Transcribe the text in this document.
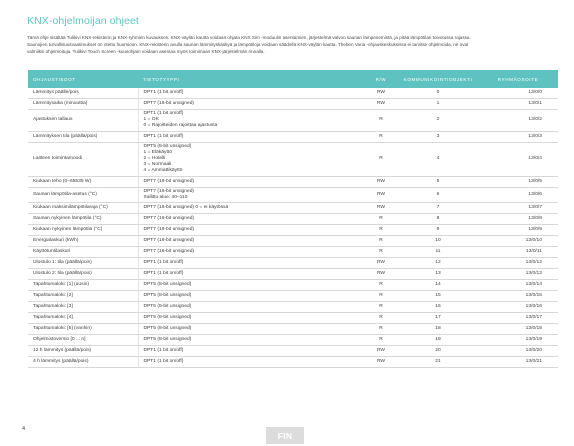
KNX-ohjelmoijan ohjeet

Tämä ohje sisältää Tulikivi KNX-rekisterin ja KNX-ryhmien kuvauksen. KNX-väylän kautta voidaan ohjata KNX Sim -moduulin asentamien, järjestelmä valvoo saunan lämpenemistä, ja pitää lämpötilan toivotussa rajassa.

Saunojien turvallisuusvaatimukset on otettu huomioon. KNX-rekisterin avulla saunan lämmityskäskyä ja lämpötiloja voidaan säädellä KNX-väylän kautta. Theben Varia -ohjauskeskuksissa ei tarvitse ohjelmoida, ne ovat

valmiiksi ohjelmoituja. Tulikivi Touch Screen -kuusohjain voidaan asentaa myös toimimaan KNX-järjestelmän rinnalla.

OHJAUSTIEDOT	TIETOTYYPPI	R/W	KOMMUNIKOINTIOBJEKTI	RYHMÄOSOITE
Lämmitys päälle/pois	DPT1 (1 bit on/off)	RW	0	13/0/0
Lämmitysaika (minuuttia)	DPT7 (16-bit unsigned)	RW	1	13/0/1
Ajastuksen tallaus	DPT1 (1 bit on/off)
1 = OK
0 = Rajoitteiden rajoittaa ajastusta	R	2	13/0/2
Lämmityksen tila (päällä/pois)	DPT1 (1 bit on/off)	R	3	13/0/3
Laitteen toimintamoodi	DPT5 (8-bit unsigned)
1 = Eläkäyttö
2 = Hotelli
3 = Normaali
4 = Ammattikäyttö	R	4	13/0/4
Kiukaan teho (0–65535 W)	DPT7 (16-bit unsigned)	RW	5	13/0/5
Saunan lämpötila-asetus (°C)	DPT7 (16-bit unsigned)
Sallittu alue: 40–110	RW	6	13/0/6
Kiukaan maksimilämpötilaraja (°C)	DPT7 (16-bit unsigned) 0 = ei käytössä	RW	7	13/0/7
Saunan nykyinen lämpötila (°C)	DPT7 (16-bit unsigned)	R	8	13/0/8
Kiukaan nykyinen lämpötila (°C)	DPT7 (16-bit unsigned)	R	9	13/0/9
Energialaskuri (kWh)	DPT7 (16-bit unsigned)	R	10	13/0/10
Käyttötuntilaskuri	DPT7 (16-bit unsigned)	R	11	13/0/11
Ulostulo 1: tila (päällä/pois)	DPT1 (1 bit on/off)	RW	12	13/0/12
Ulostulo 2: tila (päällä/pois)	DPT1 (1 bit on/off)	RW	13	13/0/13
Tapahtumaloki: [1] (uusin)	DPT5 (8-bit unsigned)	R	14	13/0/14
Tapahtumaloki: [2]	DPT5 (8-bit unsigned)	R	15	13/0/15
Tapahtumaloki: [3]	DPT5 (8-bit unsigned)	R	16	13/0/16
Tapahtumaloki: [4]	DPT5 (8-bit unsigned)	R	17	13/0/17
Tapahtumaloki: [5] (vanhin)	DPT5 (8-bit unsigned)	R	18	13/0/18
Ohjelmistoversio [0 ... n]	DPT5 (8-bit unsigned)	R	19	13/0/19
12 h lämmitys (päällä/pois)	DPT1 (1 bit on/off)	RW	20	13/0/20
4 h lämmitys (päällä/pois)	DPT1 (1 bit on/off)	RW	21	13/0/21
4
FIN
